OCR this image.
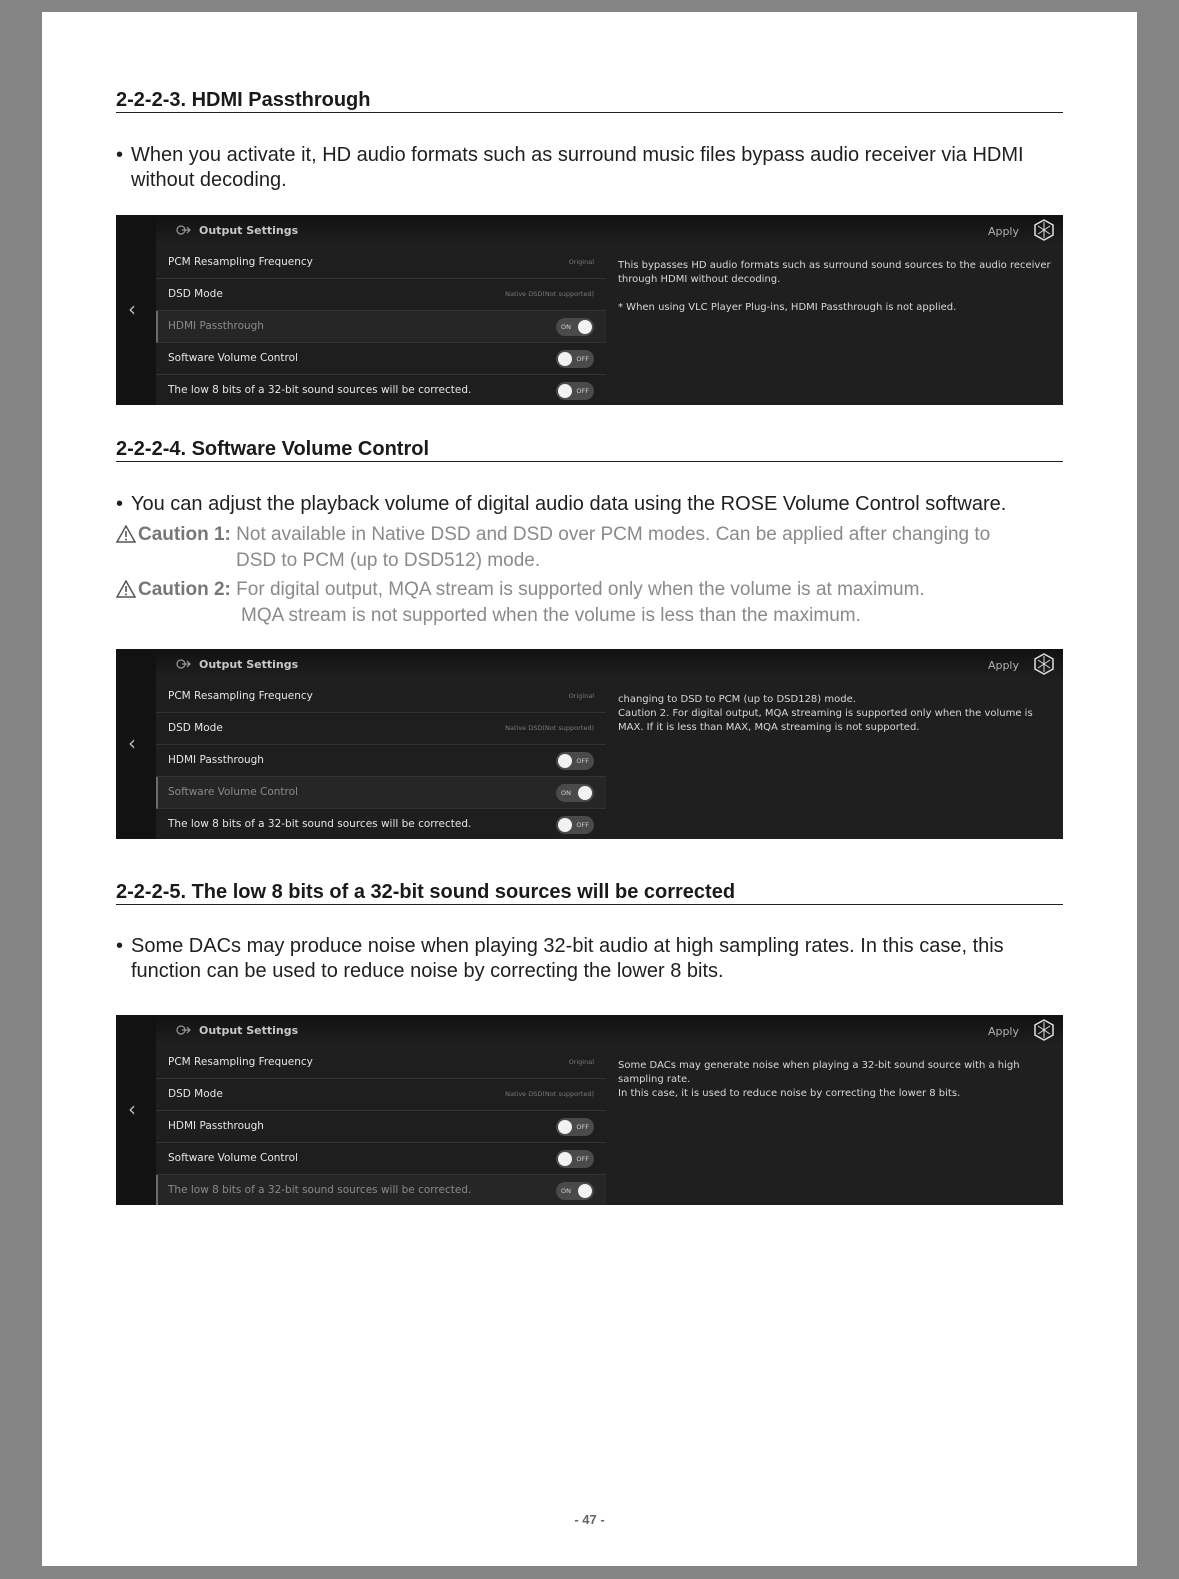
2-2-2-3. HDMI Passthrough
• When you activate it, HD audio formats such as surround music files bypass audio receiver via HDMI without decoding.
‹
Output Settings	Apply
PCM Resampling Frequency	Original
DSD Mode	Native DSD(Not supported)
HDMI Passthrough	ON
Software Volume Control	OFF
The low 8 bits of a 32-bit sound sources will be corrected.	OFF

This bypasses HD audio formats such as surround sound sources to the audio receiver through HDMI without decoding.

* When using VLC Player Plug-ins, HDMI Passthrough is not applied.

2-2-2-4. Software Volume Control
• You can adjust the playback volume of digital audio data using the ROSE Volume Control software.
Caution 1: Not available in Native DSD and DSD over PCM modes. Can be applied after changing to
DSD to PCM (up to DSD512) mode.
Caution 2: For digital output, MQA stream is supported only when the volume is at maximum.
MQA stream is not supported when the volume is less than the maximum.
‹
Output Settings	Apply
PCM Resampling Frequency	Original
DSD Mode	Native DSD(Not supported)
HDMI Passthrough	OFF
Software Volume Control	ON
The low 8 bits of a 32-bit sound sources will be corrected.	OFF

changing to DSD to PCM (up to DSD128) mode.

Caution 2. For digital output, MQA streaming is supported only when the volume is MAX. If it is less than MAX, MQA streaming is not supported.

2-2-2-5. The low 8 bits of a 32-bit sound sources will be corrected
• Some DACs may produce noise when playing 32-bit audio at high sampling rates. In this case, this function can be used to reduce noise by correcting the lower 8 bits.
‹
Output Settings	Apply
PCM Resampling Frequency	Original
DSD Mode	Native DSD(Not supported)
HDMI Passthrough	OFF
Software Volume Control	OFF
The low 8 bits of a 32-bit sound sources will be corrected.	ON

Some DACs may generate noise when playing a 32-bit sound source with a high sampling rate.

In this case, it is used to reduce noise by correcting the lower 8 bits.

- 47 -
